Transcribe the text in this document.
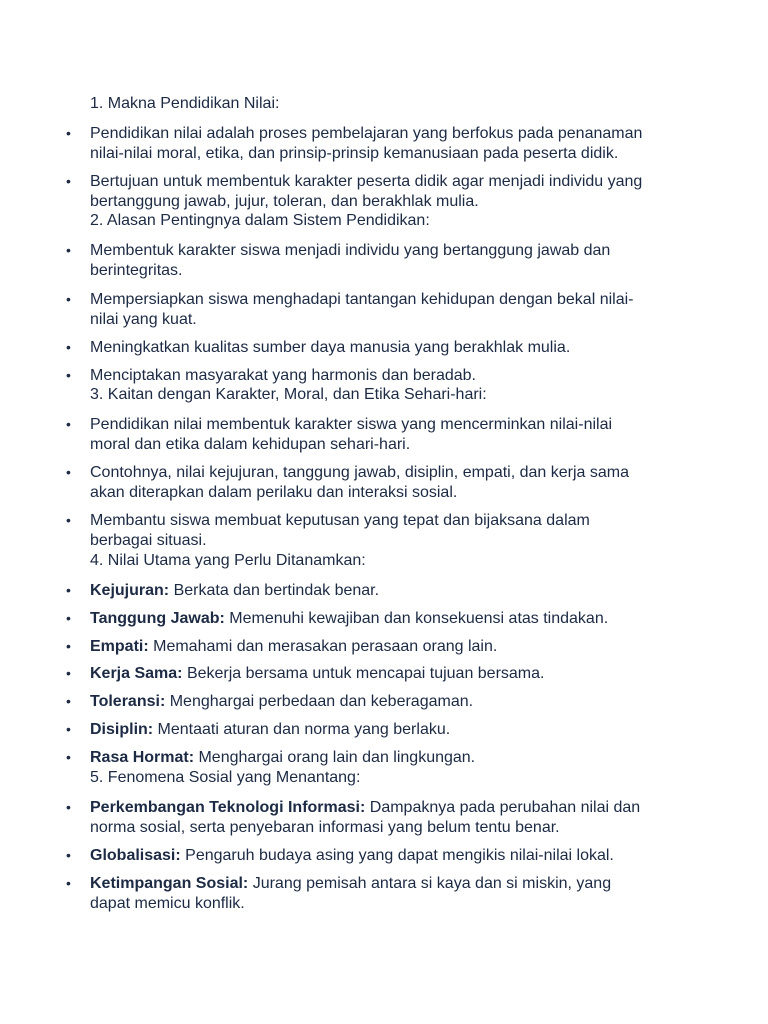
1. Makna Pendidikan Nilai:
•	Pendidikan nilai adalah proses pembelajaran yang berfokus pada penanaman
nilai-nilai moral, etika, dan prinsip-prinsip kemanusiaan pada peserta didik.
•	Bertujuan untuk membentuk karakter peserta didik agar menjadi individu yang
bertanggung jawab, jujur, toleran, dan berakhlak mulia.
2. Alasan Pentingnya dalam Sistem Pendidikan:
•	Membentuk karakter siswa menjadi individu yang bertanggung jawab dan
berintegritas.
•	Mempersiapkan siswa menghadapi tantangan kehidupan dengan bekal nilai-
nilai yang kuat.
•	Meningkatkan kualitas sumber daya manusia yang berakhlak mulia.
•	Menciptakan masyarakat yang harmonis dan beradab.
3. Kaitan dengan Karakter, Moral, dan Etika Sehari-hari:
•	Pendidikan nilai membentuk karakter siswa yang mencerminkan nilai-nilai
moral dan etika dalam kehidupan sehari-hari.
•	Contohnya, nilai kejujuran, tanggung jawab, disiplin, empati, dan kerja sama
akan diterapkan dalam perilaku dan interaksi sosial.
•	Membantu siswa membuat keputusan yang tepat dan bijaksana dalam
berbagai situasi.
4. Nilai Utama yang Perlu Ditanamkan:
•	Kejujuran: Berkata dan bertindak benar.
•	Tanggung Jawab: Memenuhi kewajiban dan konsekuensi atas tindakan.
•	Empati: Memahami dan merasakan perasaan orang lain.
•	Kerja Sama: Bekerja bersama untuk mencapai tujuan bersama.
•	Toleransi: Menghargai perbedaan dan keberagaman.
•	Disiplin: Mentaati aturan dan norma yang berlaku.
•	Rasa Hormat: Menghargai orang lain dan lingkungan.
5. Fenomena Sosial yang Menantang:
•	Perkembangan Teknologi Informasi: Dampaknya pada perubahan nilai dan
norma sosial, serta penyebaran informasi yang belum tentu benar.
•	Globalisasi: Pengaruh budaya asing yang dapat mengikis nilai-nilai lokal.
•	Ketimpangan Sosial: Jurang pemisah antara si kaya dan si miskin, yang
dapat memicu konflik.
